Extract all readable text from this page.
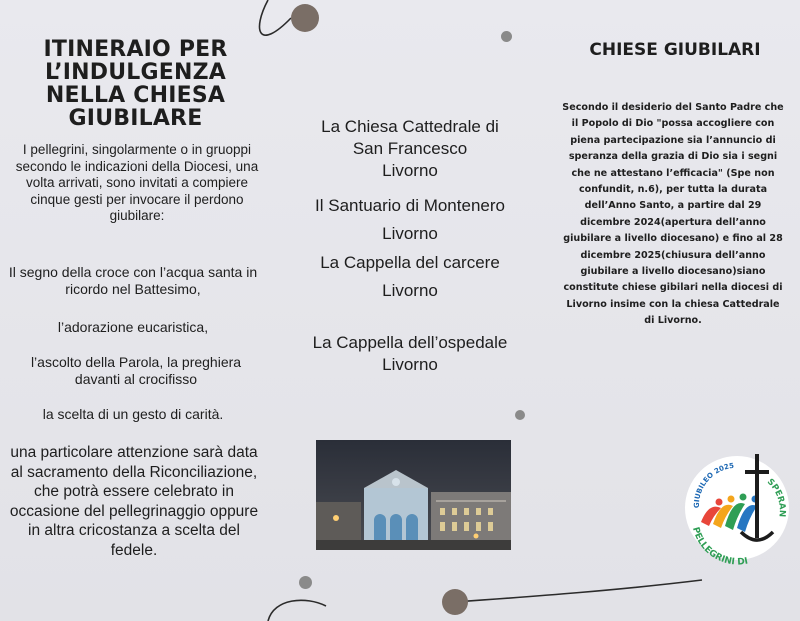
ITINERAIO PER L’INDULGENZA NELLA CHIESA GIUBILARE

I pellegrini, singolarmente o in gruoppi secondo le indicazioni della Diocesi, una volta arrivati, sono invitati a compiere cinque gesti per invocare il perdono giubilare:

Il segno della croce con l’acqua santa in ricordo nel Battesimo,

l’adorazione eucaristica,

l’ascolto della Parola, la preghiera davanti al crocifisso

la scelta di un gesto di carità.

una particolare attenzione sarà data al sacramento della Riconciliazione, che potrà essere celebrato in occasione del pellegrinaggio oppure in altra cricostanza a scelta del fedele.

La Chiesa Cattedrale di San Francesco
Livorno
Il Santuario di Montenero
Livorno
La Cappella del carcere
Livorno
La Cappella dell’ospedale
Livorno
CHIESE GIUBILARI

Secondo il desiderio del Santo Padre che il Popolo di Dio "possa accogliere con piena partecipazione sia l’annuncio di speranza della grazia di Dio sia i segni che ne attestano l’efficacia" (Spe non confundit, n.6), per tutta la durata dell’Anno Santo, a partire dal 29 dicembre 2024(apertura dell’anno giubilare a livello diocesano) e fino al 28 dicembre 2025(chiusura dell’anno giubilare a livello diocesano)siano constitute chiese gibilari nella diocesi di Livorno insime con la chiesa Cattedrale di Livorno.

GIUBILEO 2025
SPERAN
PELLEGRINI DI
